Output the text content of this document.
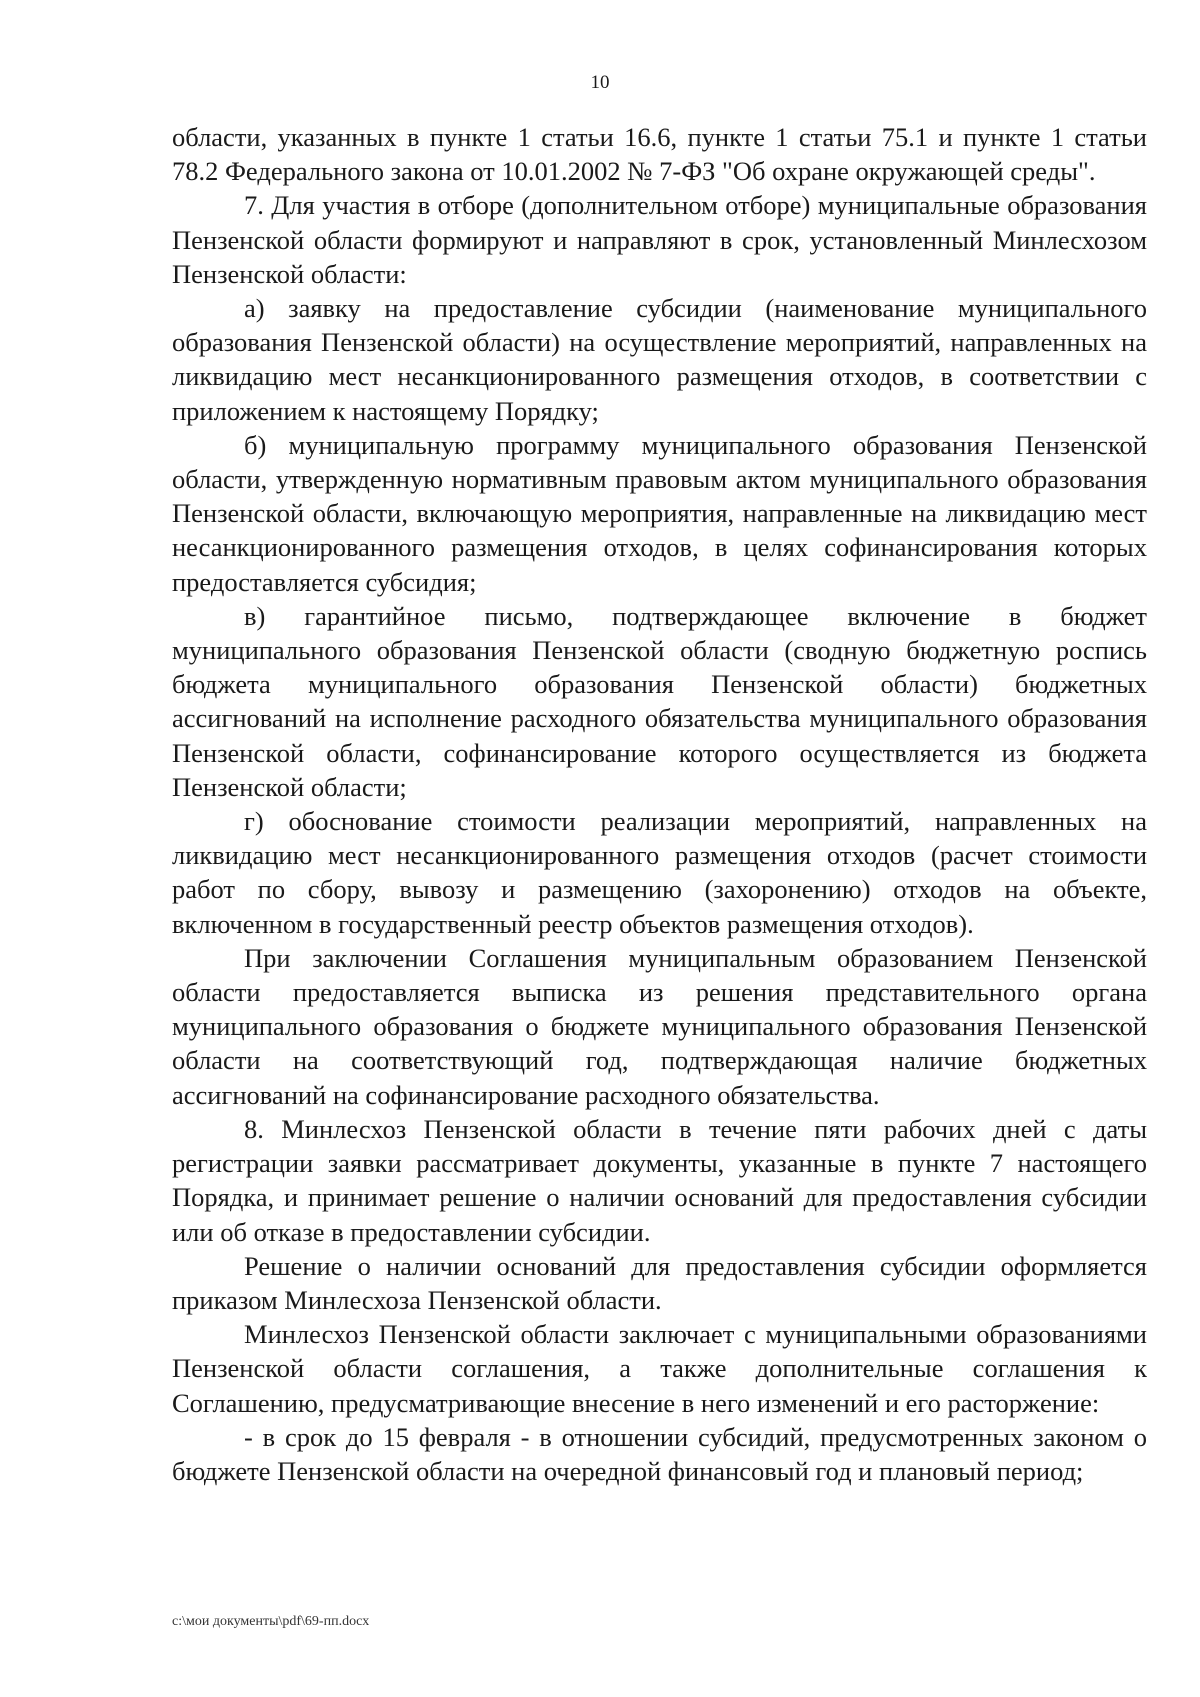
10

области, указанных в пункте 1 статьи 16.6, пункте 1 статьи 75.1 и пункте 1 статьи 78.2 Федерального закона от 10.01.2002 № 7-ФЗ "Об охране окружающей среды".

7. Для участия в отборе (дополнительном отборе) муниципальные образования Пензенской области формируют и направляют в срок, установленный Минлесхозом Пензенской области:

а) заявку на предоставление субсидии (наименование муниципального образования Пензенской области) на осуществление мероприятий, направленных на ликвидацию мест несанкционированного размещения отходов, в соответствии с приложением к настоящему Порядку;

б) муниципальную программу муниципального образования Пензенской области, утвержденную нормативным правовым актом муниципального образования Пензенской области, включающую мероприятия, направленные на ликвидацию мест несанкционированного размещения отходов, в целях софинансирования которых предоставляется субсидия;

в) гарантийное письмо, подтверждающее включение в бюджет муниципального образования Пензенской области (сводную бюджетную роспись бюджета муниципального образования Пензенской области) бюджетных ассигнований на исполнение расходного обязательства муниципального образования Пензенской области, софинансирование которого осуществляется из бюджета Пензенской области;

г) обоснование стоимости реализации мероприятий, направленных на ликвидацию мест несанкционированного размещения отходов (расчет стоимости работ по сбору, вывозу и размещению (захоронению) отходов на объекте, включенном в государственный реестр объектов размещения отходов).

При заключении Соглашения муниципальным образованием Пензенской области предоставляется выписка из решения представительного органа муниципального образования о бюджете муниципального образования Пензенской области на соответствующий год, подтверждающая наличие бюджетных ассигнований на софинансирование расходного обязательства.

8. Минлесхоз Пензенской области в течение пяти рабочих дней с даты регистрации заявки рассматривает документы, указанные в пункте 7 настоящего Порядка, и принимает решение о наличии оснований для предоставления субсидии или об отказе в предоставлении субсидии.

Решение о наличии оснований для предоставления субсидии оформляется приказом Минлесхоза Пензенской области.

Минлесхоз Пензенской области заключает с муниципальными образованиями Пензенской области соглашения, а также дополнительные соглашения к Соглашению, предусматривающие внесение в него изменений и его расторжение:

- в срок до 15 февраля - в отношении субсидий, предусмотренных законом о бюджете Пензенской области на очередной финансовый год и плановый период;

c:\мои документы\pdf\69-пп.docx
